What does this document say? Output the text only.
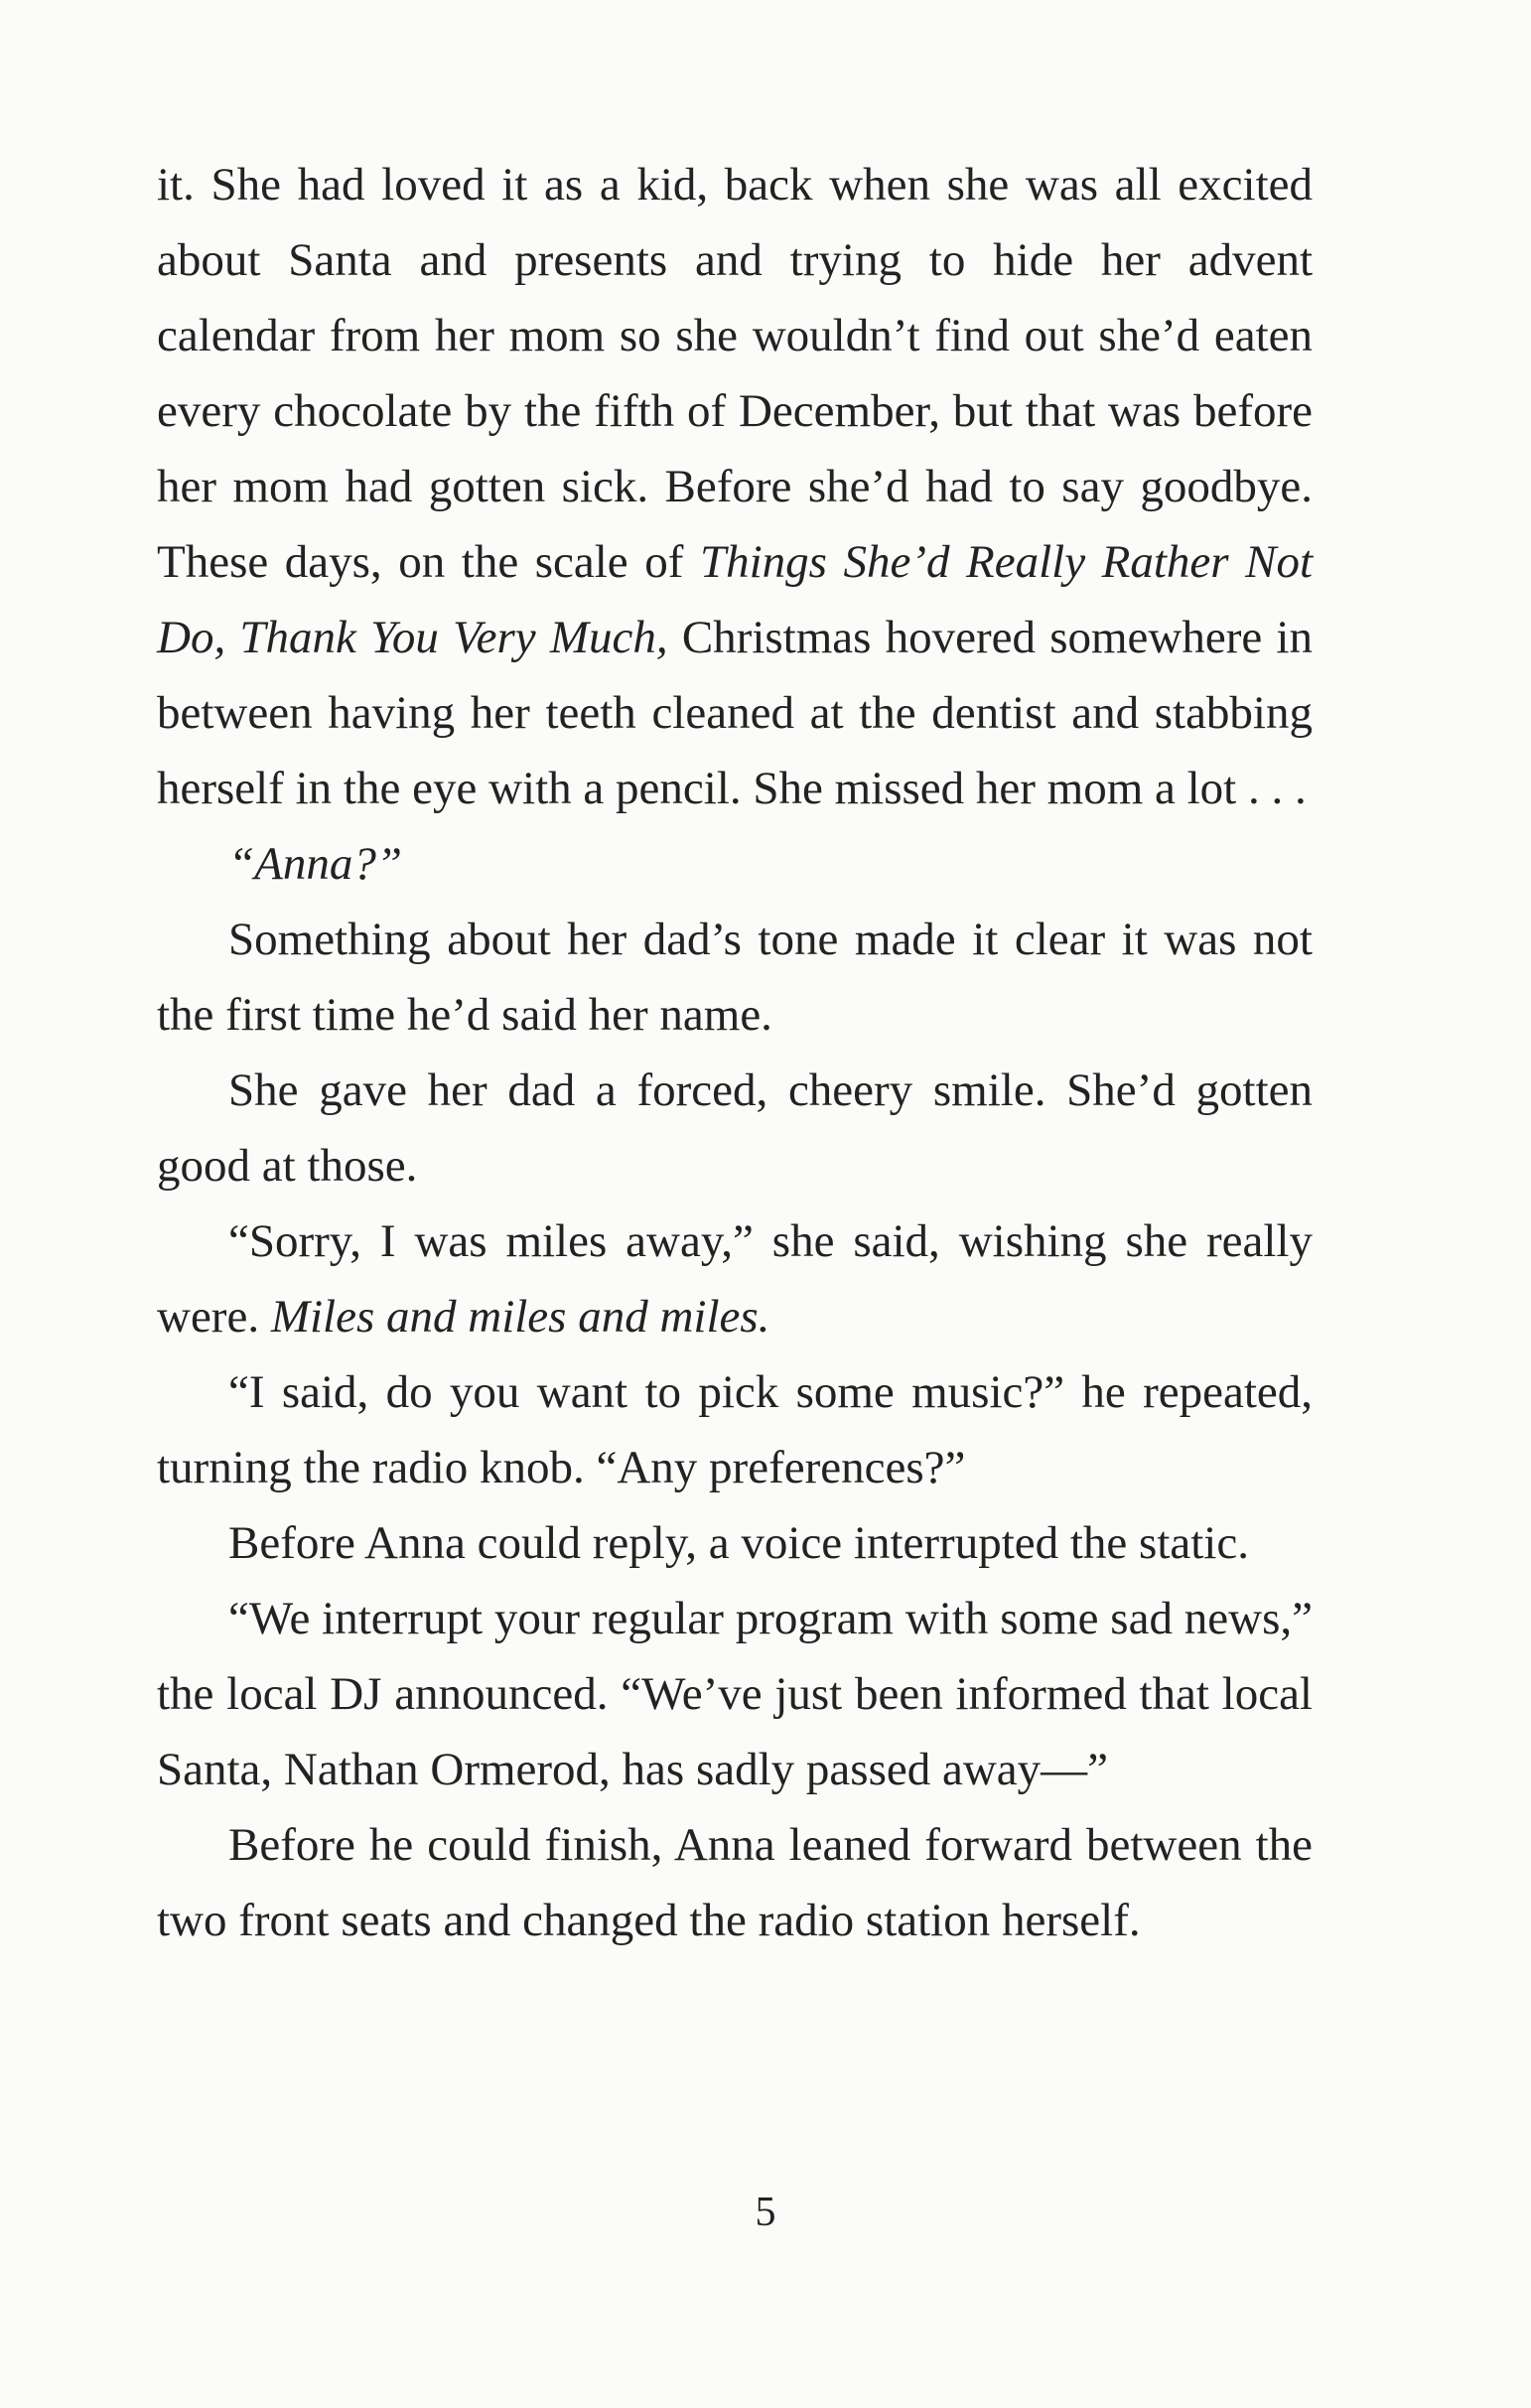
it. She had loved it as a kid, back when she was all excited about Santa and presents and trying to hide her advent calendar from her mom so she wouldn’t find out she’d eaten every chocolate by the fifth of December, but that was before her mom had gotten sick. Before she’d had to say goodbye. These days, on the scale of Things She’d Really Rather Not Do, Thank You Very Much, Christmas hovered somewhere in between having her teeth cleaned at the dentist and stabbing herself in the eye with a pencil. She missed her mom a lot . . .

“Anna?”

Something about her dad’s tone made it clear it was not the first time he’d said her name.

She gave her dad a forced, cheery smile. She’d gotten good at those.

“Sorry, I was miles away,” she said, wishing she really were. Miles and miles and miles.

“I said, do you want to pick some music?” he repeated, turning the radio knob. “Any preferences?”

Before Anna could reply, a voice interrupted the static.

“We interrupt your regular program with some sad news,” the local DJ announced. “We’ve just been informed that local Santa, Nathan Ormerod, has sadly passed away—”

Before he could finish, Anna leaned forward between the two front seats and changed the radio station herself.

5
